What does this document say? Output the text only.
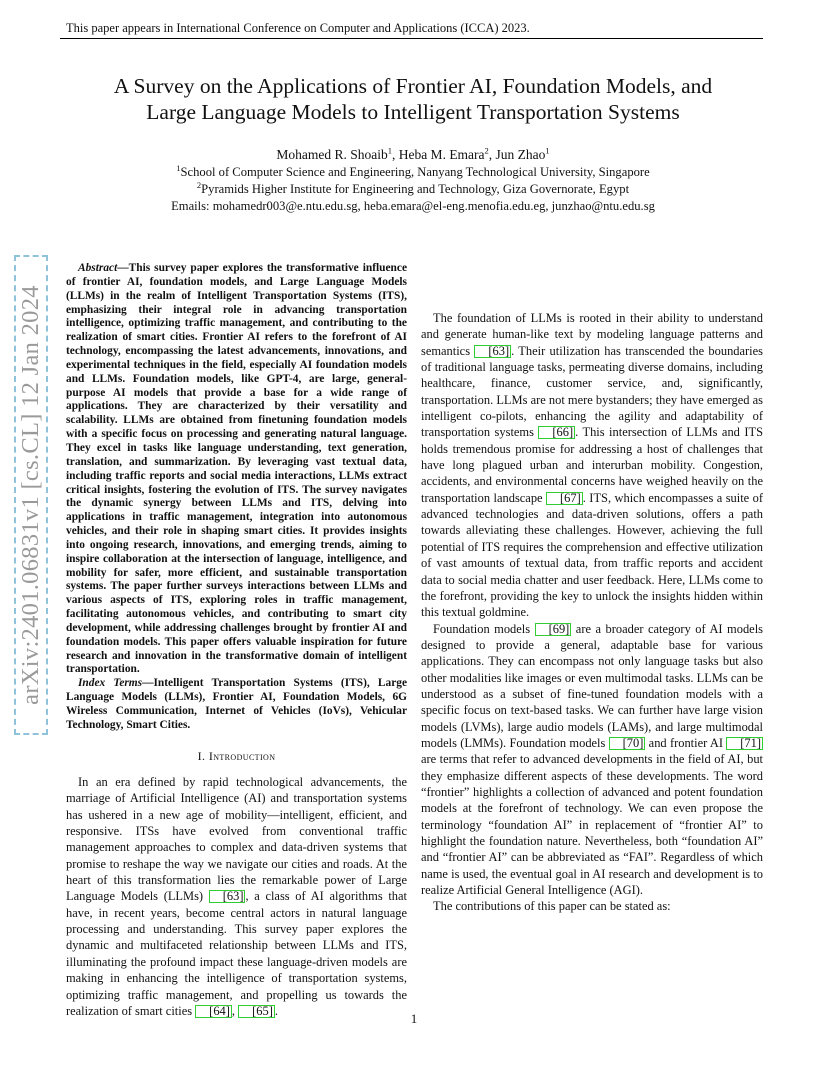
This paper appears in International Conference on Computer and Applications (ICCA) 2023.
A Survey on the Applications of Frontier AI, Foundation Models, and
Large Language Models to Intelligent Transportation Systems
Mohamed R. Shoaib$^1$, Heba M. Emara$^2$, Jun Zhao$^1$
$^1$School of Computer Science and Engineering, Nanyang Technological University, Singapore
$^2$Pyramids Higher Institute for Engineering and Technology, Giza Governorate, Egypt
Emails: mohamedr003@e.ntu.edu.sg, heba.emara@el-eng.menofia.edu.eg, junzhao@ntu.edu.sg
arXiv:2401.06831v1 [cs.CL] 12 Jan 2024

Abstract—This survey paper explores the transformative influence of frontier AI, foundation models, and Large Language Models (LLMs) in the realm of Intelligent Transportation Systems (ITS), emphasizing their integral role in advancing transportation intelligence, optimizing traffic management, and contributing to the realization of smart cities. Frontier AI refers to the forefront of AI technology, encompassing the latest advancements, innovations, and experimental techniques in the field, especially AI foundation models and LLMs. Foundation models, like GPT-4, are large, general-purpose AI models that provide a base for a wide range of applications. They are characterized by their versatility and scalability. LLMs are obtained from finetuning foundation models with a specific focus on processing and generating natural language. They excel in tasks like language understanding, text generation, translation, and summarization. By leveraging vast textual data, including traffic reports and social media interactions, LLMs extract critical insights, fostering the evolution of ITS. The survey navigates the dynamic synergy between LLMs and ITS, delving into applications in traffic management, integration into autonomous vehicles, and their role in shaping smart cities. It provides insights into ongoing research, innovations, and emerging trends, aiming to inspire collaboration at the intersection of language, intelligence, and mobility for safer, more efficient, and sustainable transportation systems. The paper further surveys interactions between LLMs and various aspects of ITS, exploring roles in traffic management, facilitating autonomous vehicles, and contributing to smart city development, while addressing challenges brought by frontier AI and foundation models. This paper offers valuable inspiration for future research and innovation in the transformative domain of intelligent transportation.

Index Terms—Intelligent Transportation Systems (ITS), Large Language Models (LLMs), Frontier AI, Foundation Models, 6G Wireless Communication, Internet of Vehicles (IoVs), Vehicular Technology, Smart Cities.

I. Introduction

In an era defined by rapid technological advancements, the marriage of Artificial Intelligence (AI) and transportation systems has ushered in a new age of mobility—intelligent, efficient, and responsive. ITSs have evolved from conventional traffic management approaches to complex and data-driven systems that promise to reshape the way we navigate our cities and roads. At the heart of this transformation lies the remarkable power of Large Language Models (LLMs) [63] , a class of AI algorithms that have, in recent years, become central actors in natural language processing and understanding. This survey paper explores the dynamic and multifaceted relationship between LLMs and ITS, illuminating the profound impact these language-driven models are making in enhancing the intelligence of transportation systems, optimizing traffic management, and propelling us towards the realization of smart cities [64] , [65] .

The foundation of LLMs is rooted in their ability to understand and generate human-like text by modeling language patterns and semantics [63] . Their utilization has transcended the boundaries of traditional language tasks, permeating diverse domains, including healthcare, finance, customer service, and, significantly, transportation. LLMs are not mere bystanders; they have emerged as intelligent co-pilots, enhancing the agility and adaptability of transportation systems [66] . This intersection of LLMs and ITS holds tremendous promise for addressing a host of challenges that have long plagued urban and interurban mobility. Congestion, accidents, and environmental concerns have weighed heavily on the transportation landscape [67] . ITS, which encompasses a suite of advanced technologies and data-driven solutions, offers a path towards alleviating these challenges. However, achieving the full potential of ITS requires the comprehension and effective utilization of vast amounts of textual data, from traffic reports and accident data to social media chatter and user feedback. Here, LLMs come to the forefront, providing the key to unlock the insights hidden within this textual goldmine.

Foundation models [69] are a broader category of AI models designed to provide a general, adaptable base for various applications. They can encompass not only language tasks but also other modalities like images or even multimodal tasks. LLMs can be understood as a subset of fine-tuned foundation models with a specific focus on text-based tasks. We can further have large vision models (LVMs), large audio models (LAMs), and large multimodal models (LMMs). Foundation models [70] and frontier AI [71] are terms that refer to advanced developments in the field of AI, but they emphasize different aspects of these developments. The word “frontier” highlights a collection of advanced and potent foundation models at the forefront of technology. We can even propose the terminology “foundation AI” in replacement of “frontier AI” to highlight the foundation nature. Nevertheless, both “foundation AI” and “frontier AI” can be abbreviated as “FAI”. Regardless of which name is used, the eventual goal in AI research and development is to realize Artificial General Intelligence (AGI).

The contributions of this paper can be stated as:

1
